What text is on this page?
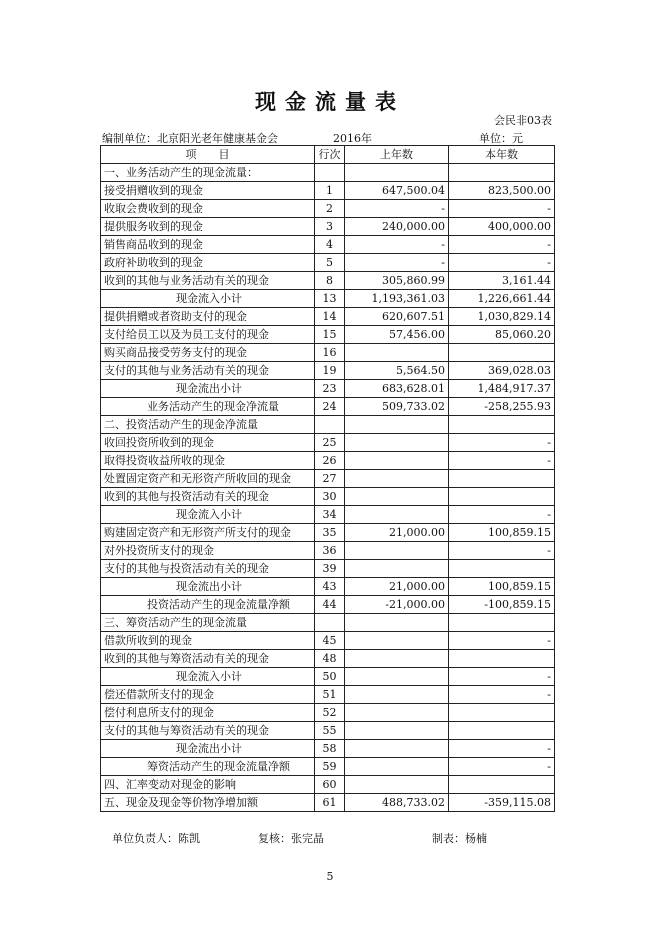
现金流量表
会民非03表
编制单位：北京阳光老年健康基金会	2016年	单位：元
项　　目	行次	上年数	本年数
一、业务活动产生的现金流量：			
接受捐赠收到的现金	1	647,500.04	823,500.00
收取会费收到的现金	2	-	-
提供服务收到的现金	3	240,000.00	400,000.00
销售商品收到的现金	4	-	-
政府补助收到的现金	5	-	-
收到的其他与业务活动有关的现金	8	305,860.99	3,161.44
现金流入小计	13	1,193,361.03	1,226,661.44
提供捐赠或者资助支付的现金	14	620,607.51	1,030,829.14
支付给员工以及为员工支付的现金	15	57,456.00	85,060.20
购买商品接受劳务支付的现金	16		
支付的其他与业务活动有关的现金	19	5,564.50	369,028.03
现金流出小计	23	683,628.01	1,484,917.37
业务活动产生的现金净流量	24	509,733.02	-258,255.93
二、投资活动产生的现金净流量			
收回投资所收到的现金	25		-
取得投资收益所收的现金	26		-
处置固定资产和无形资产所收回的现金	27		
收到的其他与投资活动有关的现金	30		
现金流入小计	34		-
购建固定资产和无形资产所支付的现金	35	21,000.00	100,859.15
对外投资所支付的现金	36		-
支付的其他与投资活动有关的现金	39		
现金流出小计	43	21,000.00	100,859.15
投资活动产生的现金流量净额	44	-21,000.00	-100,859.15
三、筹资活动产生的现金流量			
借款所收到的现金	45		-
收到的其他与筹资活动有关的现金	48		
现金流入小计	50		-
偿还借款所支付的现金	51		-
偿付利息所支付的现金	52		
支付的其他与筹资活动有关的现金	55		
现金流出小计	58		-
筹资活动产生的现金流量净额	59		-
四、汇率变动对现金的影响	60		
五、现金及现金等价物净增加额	61	488,733.02	-359,115.08
单位负责人：陈凯	复核：张完晶	制表：杨楠
5
